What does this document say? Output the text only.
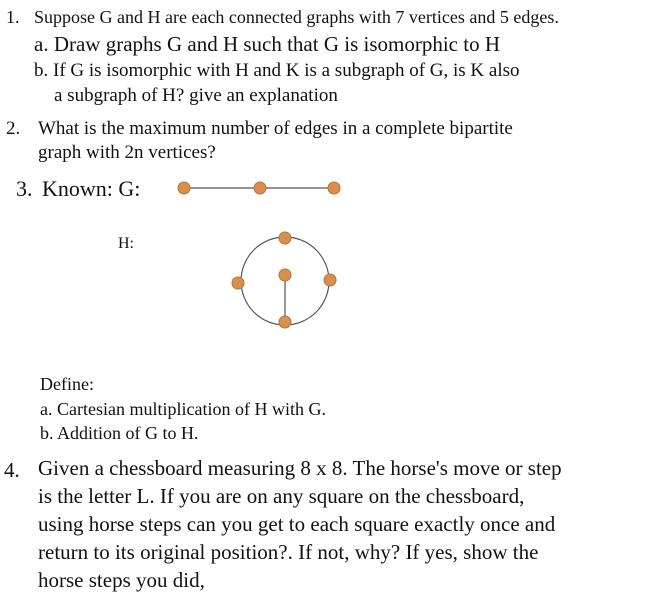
1. Suppose G and H are each connected graphs with 7 vertices and 5 edges.
a. Draw graphs G and H such that G is isomorphic to H
b. If G is isomorphic with H and K is a subgraph of G, is K also
a subgraph of H? give an explanation
2. What is the maximum number of edges in a complete bipartite
graph with 2n vertices?
3. Known: G:
H:
Define:
a. Cartesian multiplication of H with G.
b. Addition of G to H.
4. Given a chessboard measuring 8 x 8. The horse's move or step
is the letter L. If you are on any square on the chessboard,
using horse steps can you get to each square exactly once and
return to its original position?. If not, why? If yes, show the
horse steps you did,
